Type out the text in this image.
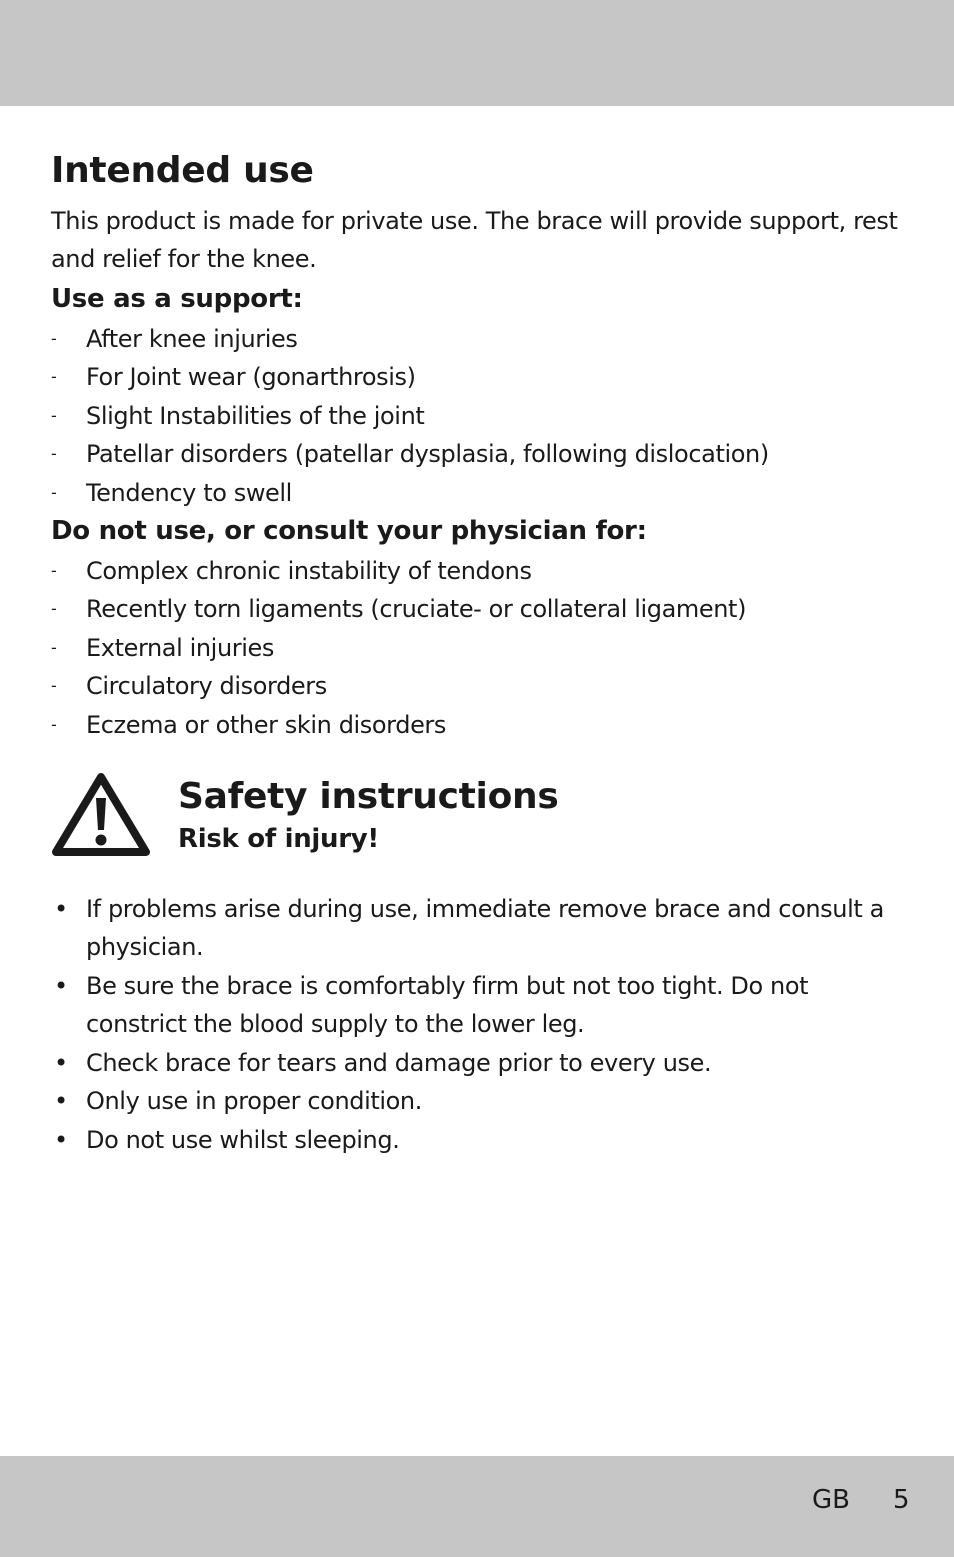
Intended use

This product is made for private use. The brace will provide support, rest and relief for the knee.

Use as a support:
- After knee injuries
- For Joint wear (gonarthrosis)
- Slight Instabilities of the joint
- Patellar disorders (patellar dysplasia, following dislocation)
- Tendency to swell
Do not use, or consult your physician for:
- Complex chronic instability of tendons
- Recently torn ligaments (cruciate- or collateral ligament)
- External injuries
- Circulatory disorders
- Eczema or other skin disorders
Safety instructions
Risk of injury!
• If problems arise during use, immediate remove brace and consult a physician.
• Be sure the brace is comfortably firm but not too tight. Do not constrict the blood supply to the lower leg.
• Check brace for tears and damage prior to every use.
• Only use in proper condition.
• Do not use whilst sleeping.
GB 5
